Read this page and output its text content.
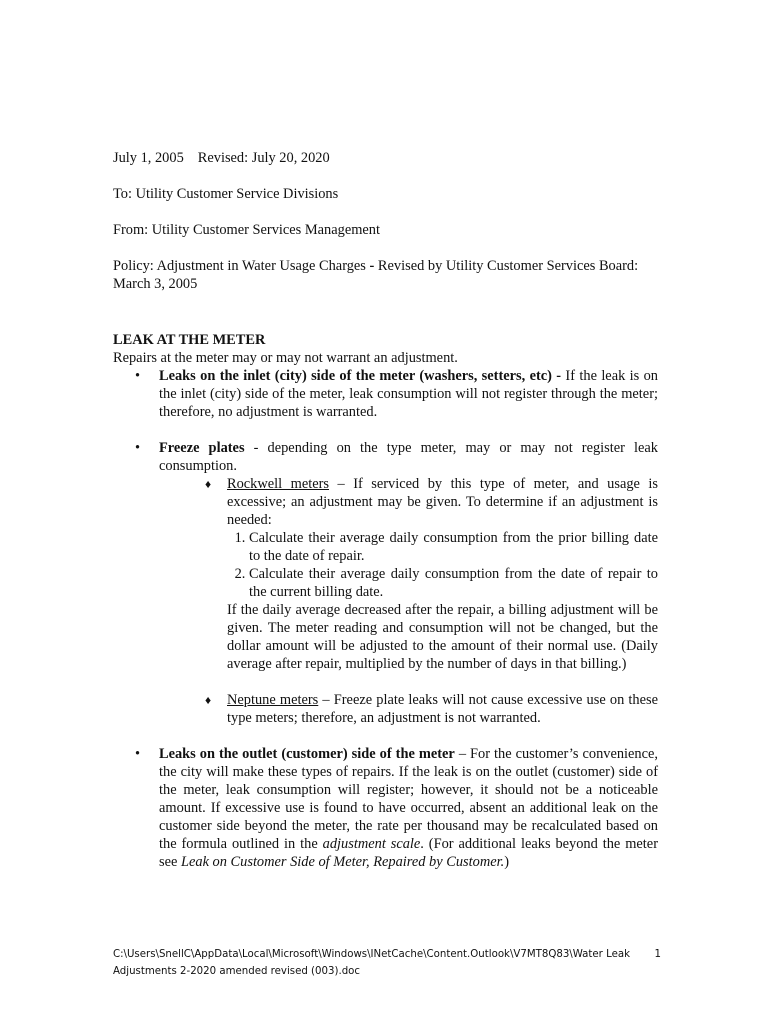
July 1, 2005 Revised: July 20, 2020

To: Utility Customer Service Divisions

From: Utility Customer Services Management

Policy: Adjustment in Water Usage Charges - Revised by Utility Customer Services Board: March 3, 2005

LEAK AT THE METER

Repairs at the meter may or may not warrant an adjustment.

• Leaks on the inlet (city) side of the meter (washers, setters, etc) - If the leak is on the inlet (city) side of the meter, leak consumption will not register through the meter; therefore, no adjustment is warranted.
• Freeze plates - depending on the type meter, may or may not register leak consumption.
♦ Rockwell meters – If serviced by this type of meter, and usage is excessive; an adjustment may be given. To determine if an adjustment is needed:
1. Calculate their average daily consumption from the prior billing date to the date of repair.
2. Calculate their average daily consumption from the date of repair to the current billing date.

If the daily average decreased after the repair, a billing adjustment will be given. The meter reading and consumption will not be changed, but the dollar amount will be adjusted to the amount of their normal use. (Daily average after repair, multiplied by the number of days in that billing.)

♦ Neptune meters – Freeze plate leaks will not cause excessive use on these type meters; therefore, an adjustment is not warranted.
• Leaks on the outlet (customer) side of the meter – For the customer’s convenience, the city will make these types of repairs. If the leak is on the outlet (customer) side of the meter, leak consumption will register; however, it should not be a noticeable amount. If excessive use is found to have occurred, absent an additional leak on the customer side beyond the meter, the rate per thousand may be recalculated based on the formula outlined in the adjustment scale. (For additional leaks beyond the meter see Leak on Customer Side of Meter, Repaired by Customer.)
C:\Users\SnellC\AppData\Local\Microsoft\Windows\INetCache\Content.Outlook\V7MT8Q83\Water Leak Adjustments 2-2020 amended revised (003).doc
1
